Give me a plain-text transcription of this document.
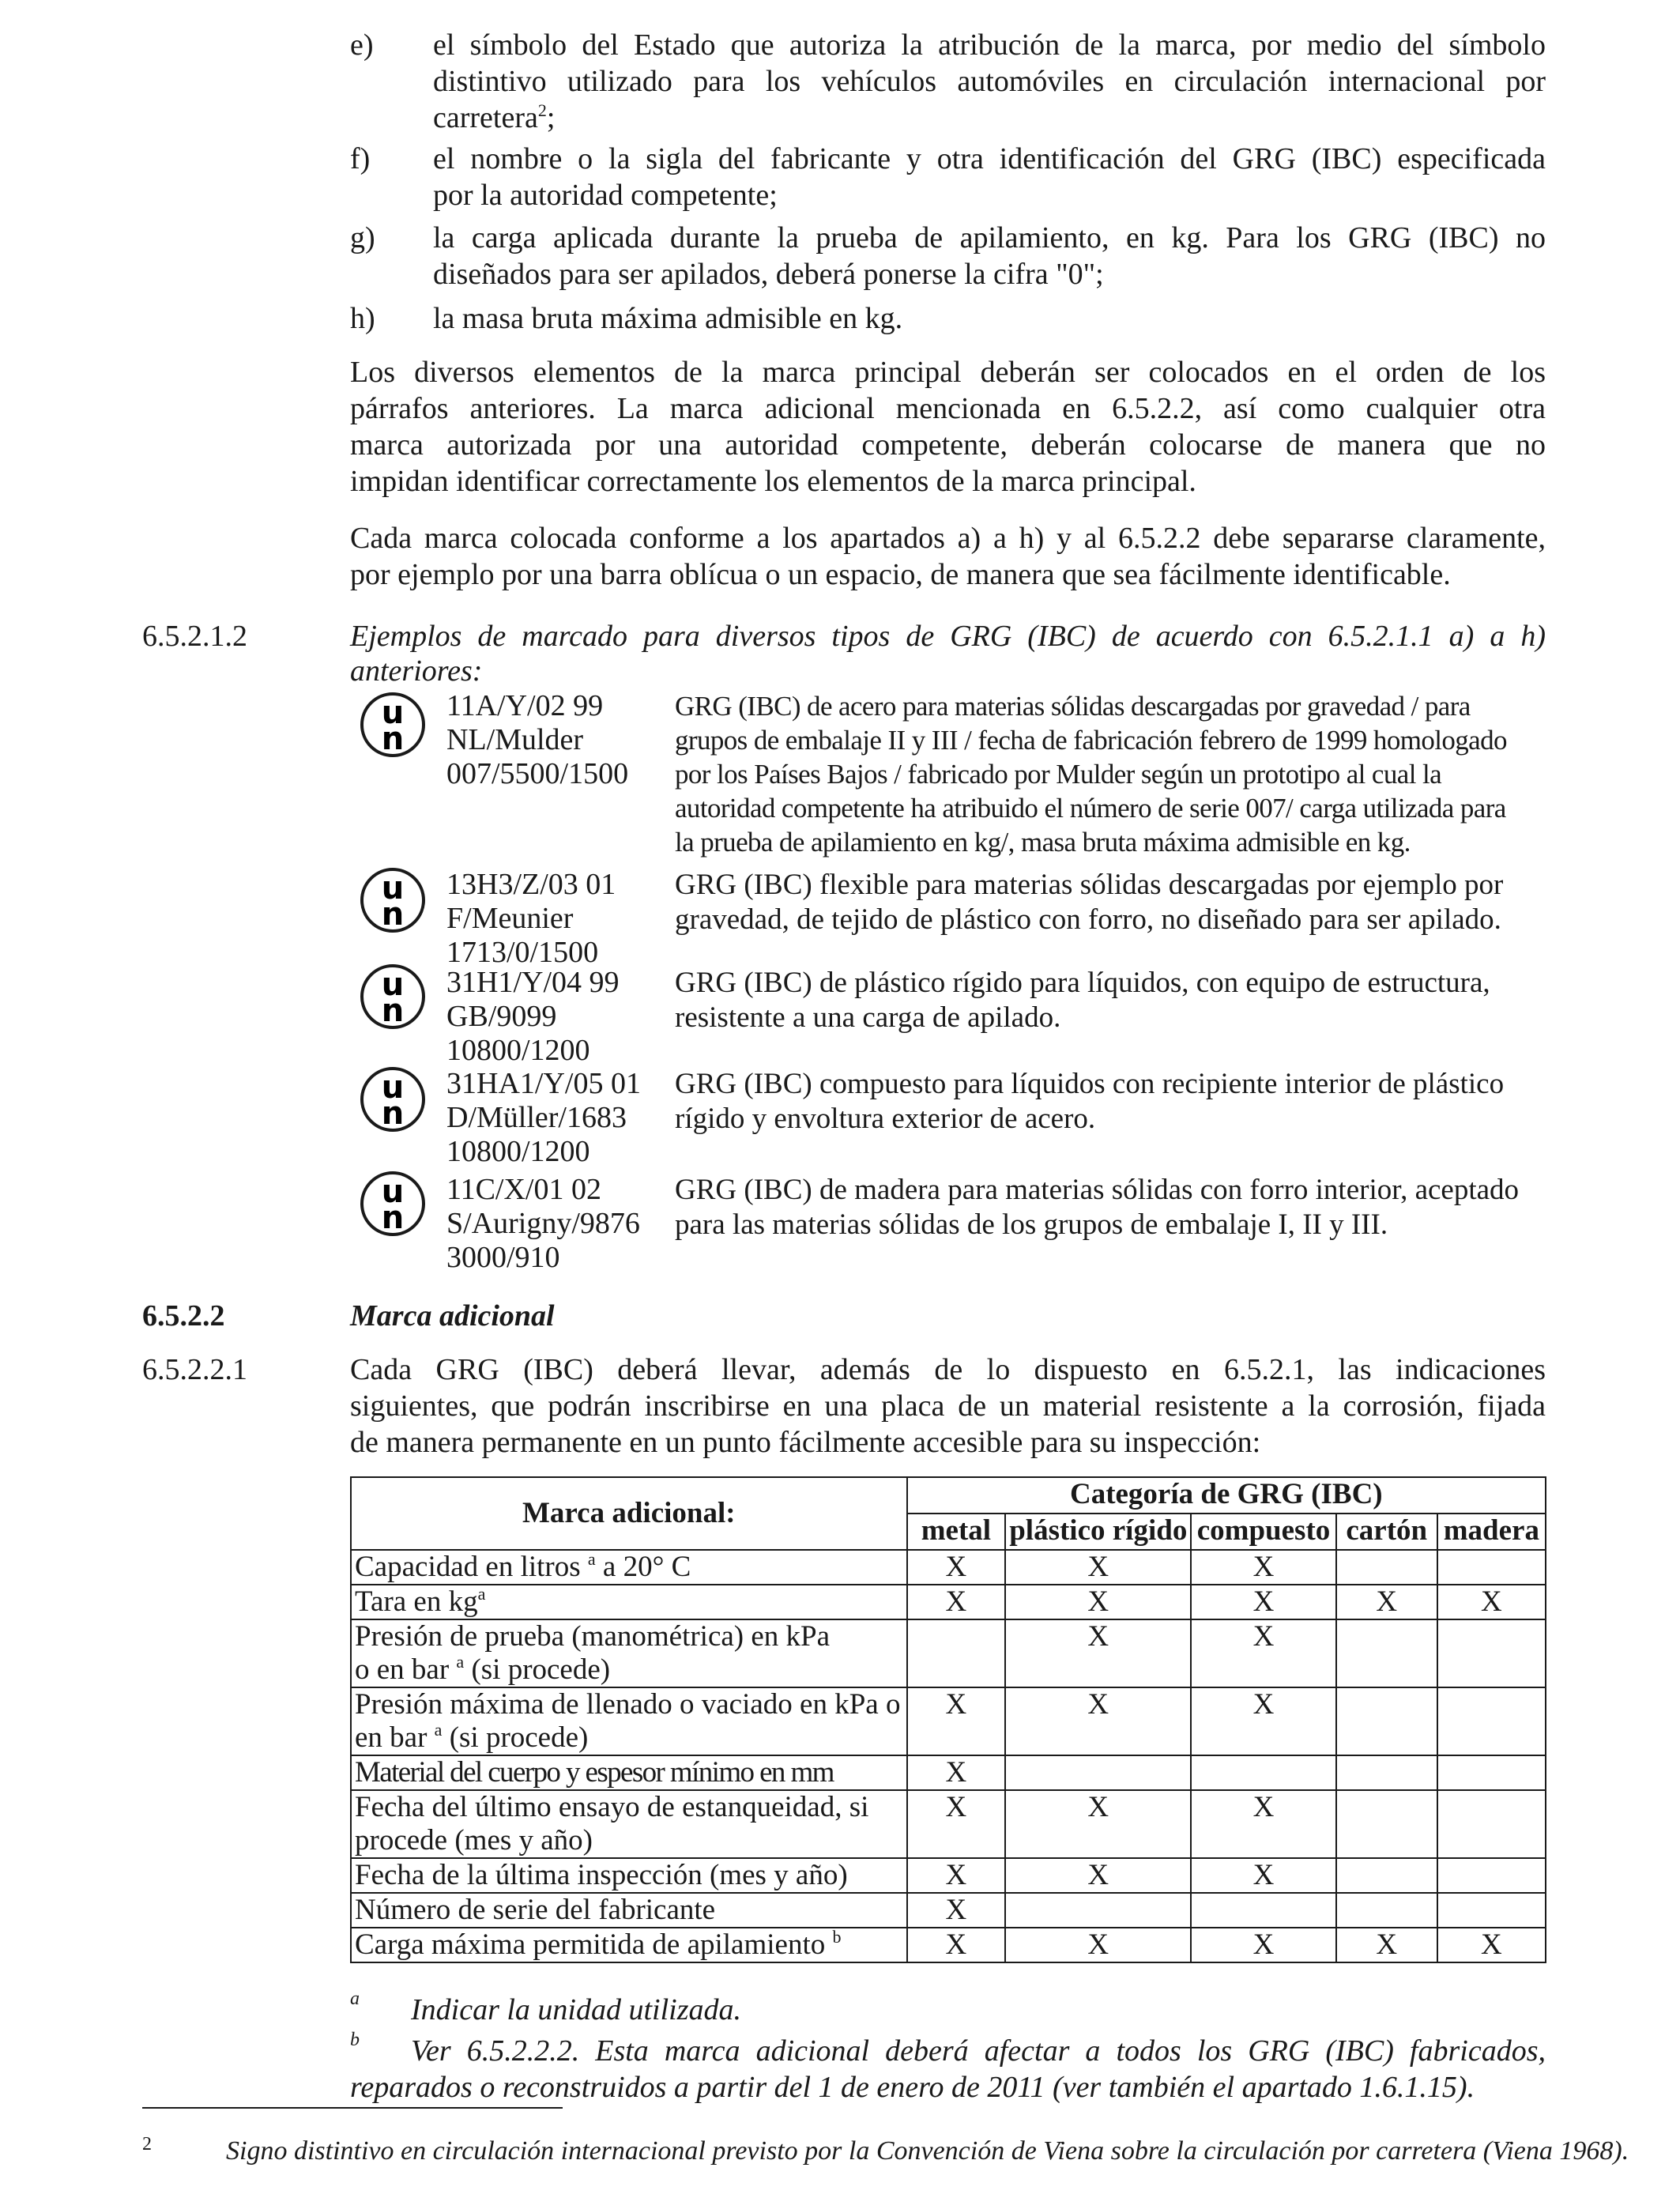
e) el símbolo del Estado que autoriza la atribución de la marca, por medio del símbolo
distintivo utilizado para los vehículos automóviles en circulación internacional por
carretera$^2$;
f) el nombre o la sigla del fabricante y otra identificación del GRG (IBC) especificada
por la autoridad competente;
g) la carga aplicada durante la prueba de apilamiento, en kg. Para los GRG (IBC) no
diseñados para ser apilados, deberá ponerse la cifra "0";
h) la masa bruta máxima admisible en kg.
Los diversos elementos de la marca principal deberán ser colocados en el orden de los
párrafos anteriores. La marca adicional mencionada en 6.5.2.2, así como cualquier otra
marca autorizada por una autoridad competente, deberán colocarse de manera que no
impidan identificar correctamente los elementos de la marca principal.
Cada marca colocada conforme a los apartados a) a h) y al 6.5.2.2 debe separarse claramente,
por ejemplo por una barra oblícua o un espacio, de manera que sea fácilmente identificable.
6.5.2.1.2	Ejemplos de marcado para diversos tipos de GRG (IBC) de acuerdo con 6.5.2.1.1 a) a h)
anteriores:
u
n
11A/Y/02 99
NL/Mulder
007/5500/1500
GRG (IBC) de acero para materias sólidas descargadas por gravedad / para
grupos de embalaje II y III / fecha de fabricación febrero de 1999 homologado
por los Países Bajos / fabricado por Mulder según un prototipo al cual la
autoridad competente ha atribuido el número de serie 007/ carga utilizada para
la prueba de apilamiento en kg/, masa bruta máxima admisible en kg.
u
n
13H3/Z/03 01
F/Meunier
1713/0/1500
GRG (IBC) flexible para materias sólidas descargadas por ejemplo por
gravedad, de tejido de plástico con forro, no diseñado para ser apilado.
u
n
31H1/Y/04 99
GB/9099
10800/1200
GRG (IBC) de plástico rígido para líquidos, con equipo de estructura,
resistente a una carga de apilado.
u
n
31HA1/Y/05 01
D/Müller/1683
10800/1200
GRG (IBC) compuesto para líquidos con recipiente interior de plástico
rígido y envoltura exterior de acero.
u
n
11C/X/01 02
S/Aurigny/9876
3000/910
GRG (IBC) de madera para materias sólidas con forro interior, aceptado
para las materias sólidas de los grupos de embalaje I, II y III.
6.5.2.2	Marca adicional
6.5.2.2.1	Cada GRG (IBC) deberá llevar, además de lo dispuesto en 6.5.2.1, las indicaciones
siguientes, que podrán inscribirse en una placa de un material resistente a la corrosión, fijada
de manera permanente en un punto fácilmente accesible para su inspección:
Marca adicional:	Categoría de GRG (IBC)				
	metal	plástico rígido	compuesto	cartón	madera

Capacidad en litros $^a$ a 20° C	X	X	X		

Tara en $kg^a$	X	X	X	X	X

Presión de prueba (manométrica) en kPa
o en bar $^a$ (si procede)		X	X		

Presión máxima de llenado o vaciado en kPa o
en bar $^a$ (si procede)	X	X	X		

Material del cuerpo y espesor mínimo en mm	X				

Fecha del último ensayo de estanqueidad, si
procede (mes y año)	X	X	X		

Fecha de la última inspección (mes y año)	X	X	X		

Número de serie del fabricante	X				

Carga máxima permitida de apilamiento $^b$	X	X	X	X	X
a Indicar la unidad utilizada.
b	Ver 6.5.2.2.2. Esta marca adicional deberá afectar a todos los GRG (IBC) fabricados,
reparados o reconstruidos a partir del 1 de enero de 2011 (ver también el apartado 1.6.1.15).
2	Signo distintivo en circulación internacional previsto por la Convención de Viena sobre la circulación por carretera (Viena 1968).
